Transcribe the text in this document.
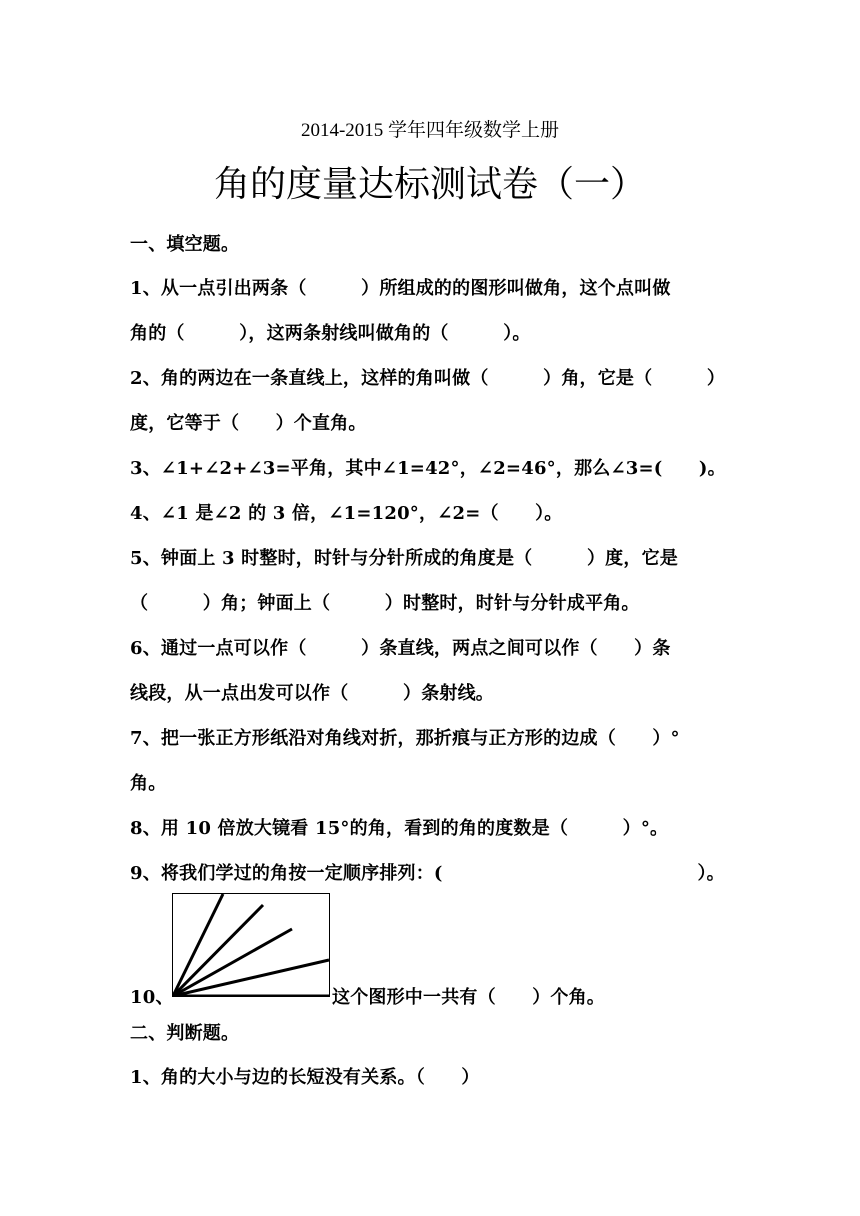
2014-2015 学年四年级数学上册
角的度量达标测试卷（一）
一、填空题。
1、从一点引出两条（　　　）所组成的的图形叫做角，这个点叫做
角的（　　　），这两条射线叫做角的（　　　）。
2、角的两边在一条直线上，这样的角叫做（　　　）角，它是（　　　）
度，它等于（　　）个直角。
3、∠1+∠2+∠3=平角，其中∠1=42°，∠2=46°，那么∠3=(　　)。
4、∠1 是∠2 的 3 倍，∠1=120°，∠2=（　　）。
5、钟面上 3 时整时，时针与分针所成的角度是（　　　）度，它是
（　　　）角；钟面上（　　　）时整时，时针与分针成平角。
6、通过一点可以作（　　　）条直线，两点之间可以作（　　）条
线段，从一点出发可以作（　　　）条射线。
7、把一张正方形纸沿对角线对折，那折痕与正方形的边成（　　）°
角。
8、用 10 倍放大镜看 15°的角，看到的角的度数是（　　　）°。
9、将我们学过的角按一定顺序排列：(　　　　　　　　　　　　　　）。
10、	这个图形中一共有（　　）个角。
二、判断题。
1、角的大小与边的长短没有关系。（　　）
